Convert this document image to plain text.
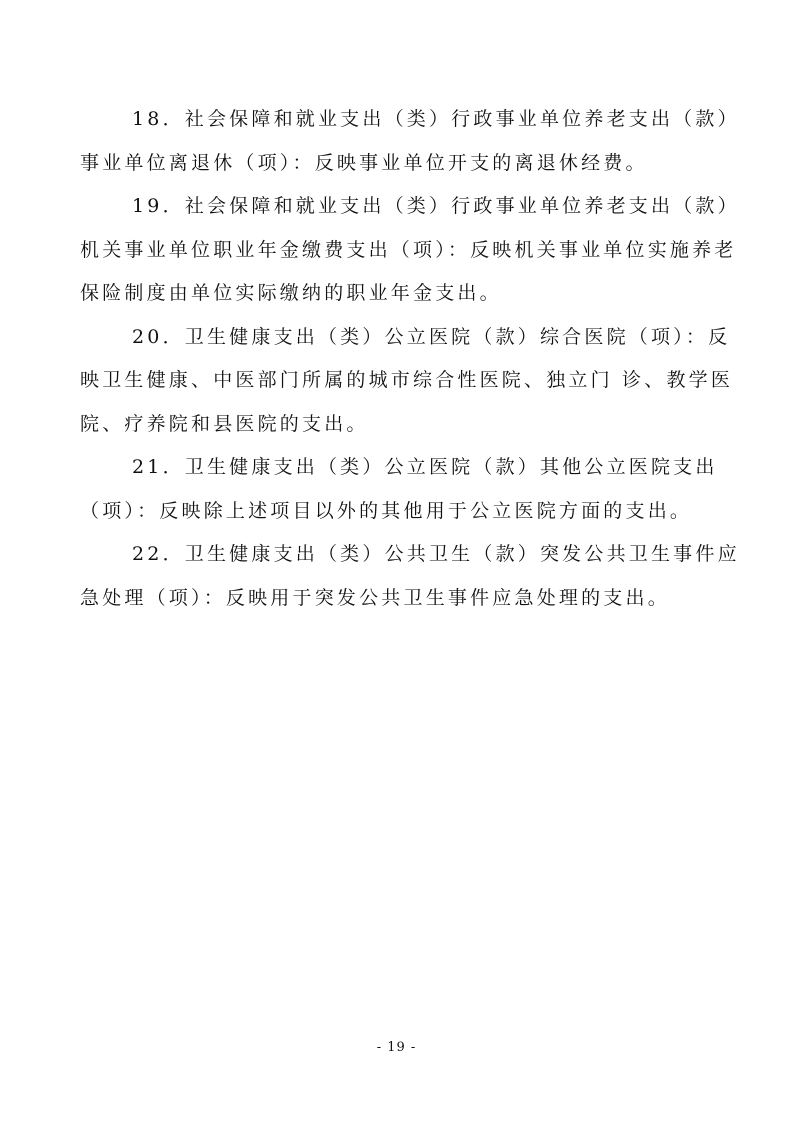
18．社会保障和就业支出（类）行政事业单位养老支出（款）事业单位离退休（项）：反映事业单位开支的离退休经费。

19．社会保障和就业支出（类）行政事业单位养老支出（款）机关事业单位职业年金缴费支出（项）：反映机关事业单位实施养老保险制度由单位实际缴纳的职业年金支出。

20．卫生健康支出（类）公立医院（款）综合医院（项）：反映卫生健康、中医部门所属的城市综合性医院、独立门 诊、教学医院、疗养院和县医院的支出。

21．卫生健康支出（类）公立医院（款）其他公立医院支出（项）：反映除上述项目以外的其他用于公立医院方面的支出。

22．卫生健康支出（类）公共卫生（款）突发公共卫生事件应急处理（项）：反映用于突发公共卫生事件应急处理的支出。

- 19 -
